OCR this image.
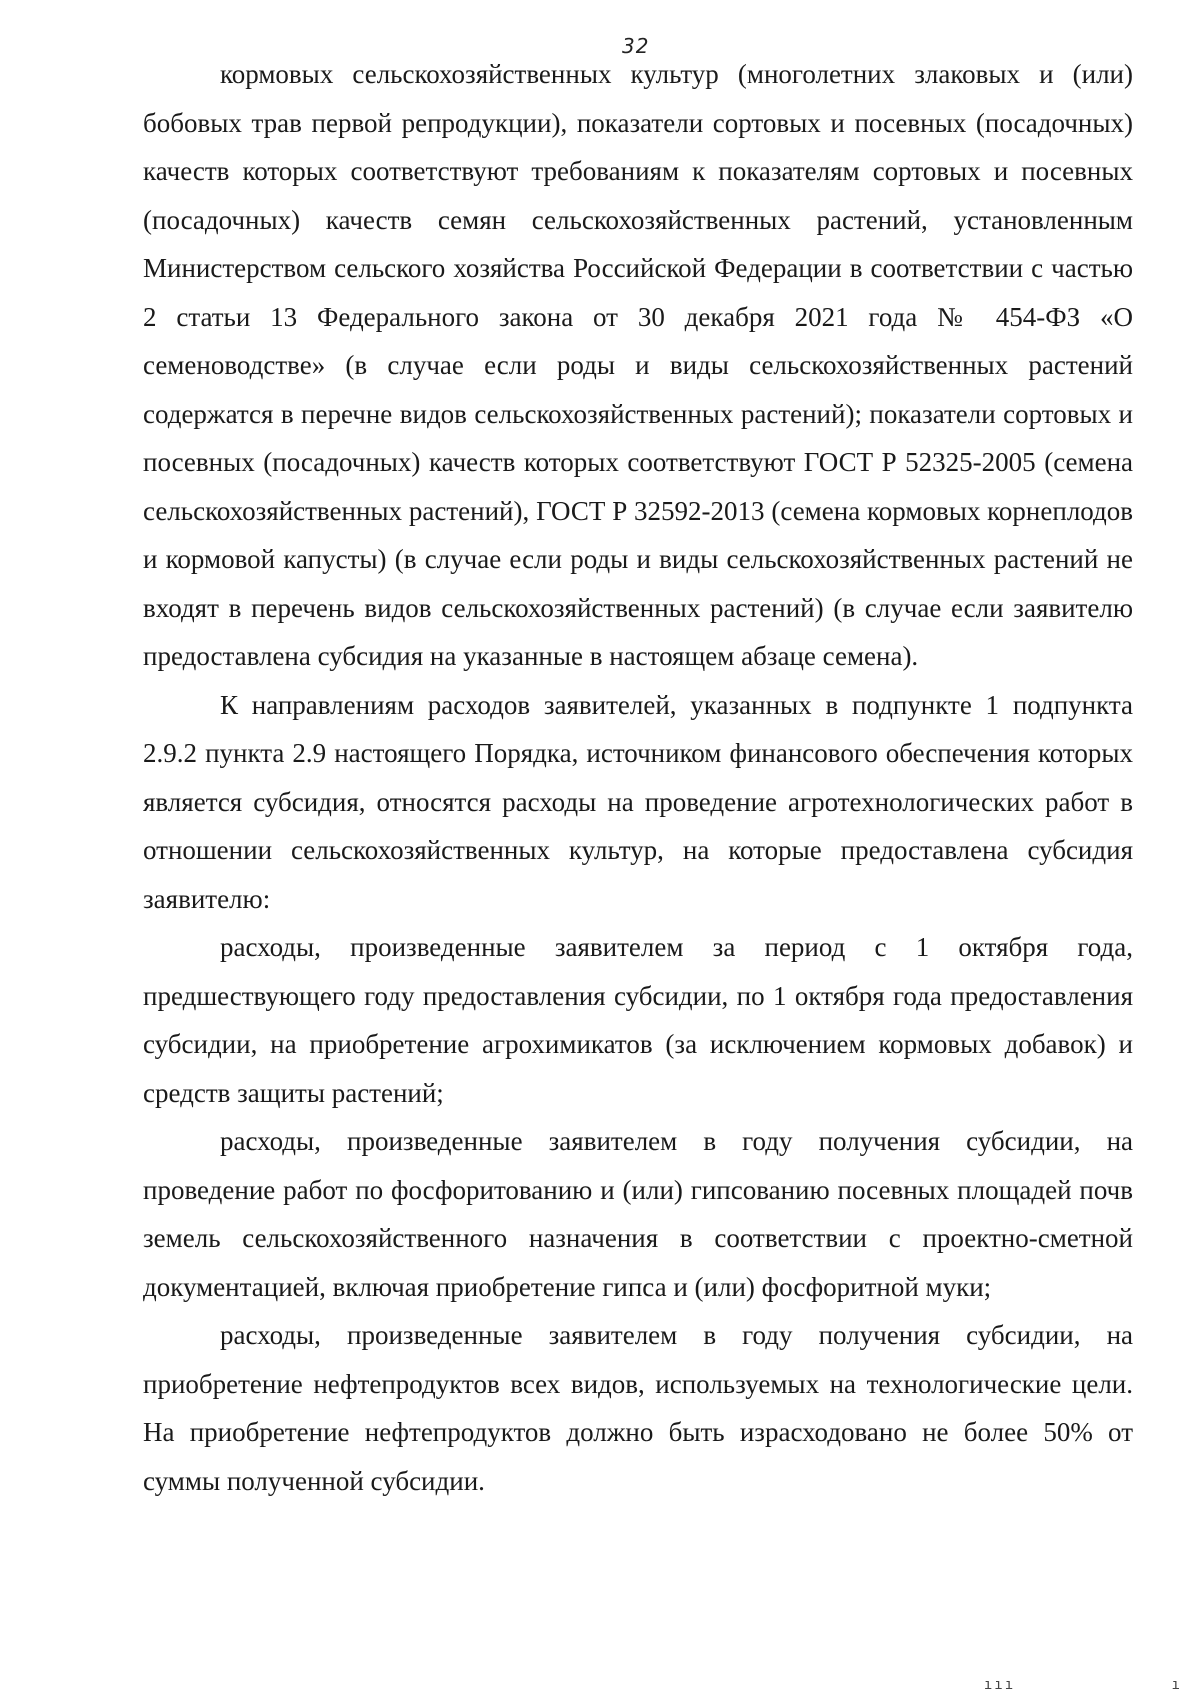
32

кормовых сельскохозяйственных культур (многолетних злаковых и (или) бобовых трав первой репродукции), показатели сортовых и посевных (посадочных) качеств которых соответствуют требованиям к показателям сортовых и посевных (посадочных) качеств семян сельскохозяйственных растений, установленным Министерством сельского хозяйства Российской Федерации в соответствии с частью 2 статьи 13 Федерального закона от 30 декабря 2021 года № 454-ФЗ «О семеноводстве» (в случае если роды и виды сельскохозяйственных растений содержатся в перечне видов сельскохозяйственных растений); показатели сортовых и посевных (посадочных) качеств которых соответствуют ГОСТ Р 52325-2005 (семена сельскохозяйственных растений), ГОСТ Р 32592-2013 (семена кормовых корнеплодов и кормовой капусты) (в случае если роды и виды сельскохозяйственных растений не входят в перечень видов сельскохозяйственных растений) (в случае если заявителю предоставлена субсидия на указанные в настоящем абзаце семена).

К направлениям расходов заявителей, указанных в подпункте 1 подпункта 2.9.2 пункта 2.9 настоящего Порядка, источником финансового обеспечения которых является субсидия, относятся расходы на проведение агротехнологических работ в отношении сельскохозяйственных культур, на которые предоставлена субсидия заявителю:

расходы, произведенные заявителем за период с 1 октября года, предшествующего году предоставления субсидии, по 1 октября года предоставления субсидии, на приобретение агрохимикатов (за исключением кормовых добавок) и средств защиты растений;

расходы, произведенные заявителем в году получения субсидии, на проведение работ по фосфоритованию и (или) гипсованию посевных площадей почв земель сельскохозяйственного назначения в соответствии с проектно-сметной документацией, включая приобретение гипса и (или) фосфоритной муки;

расходы, произведенные заявителем в году получения субсидии, на приобретение нефтепродуктов всех видов, используемых на технологические цели. На приобретение нефтепродуктов должно быть израсходовано не более 50% от суммы полученной субсидии.

ııı               ı
